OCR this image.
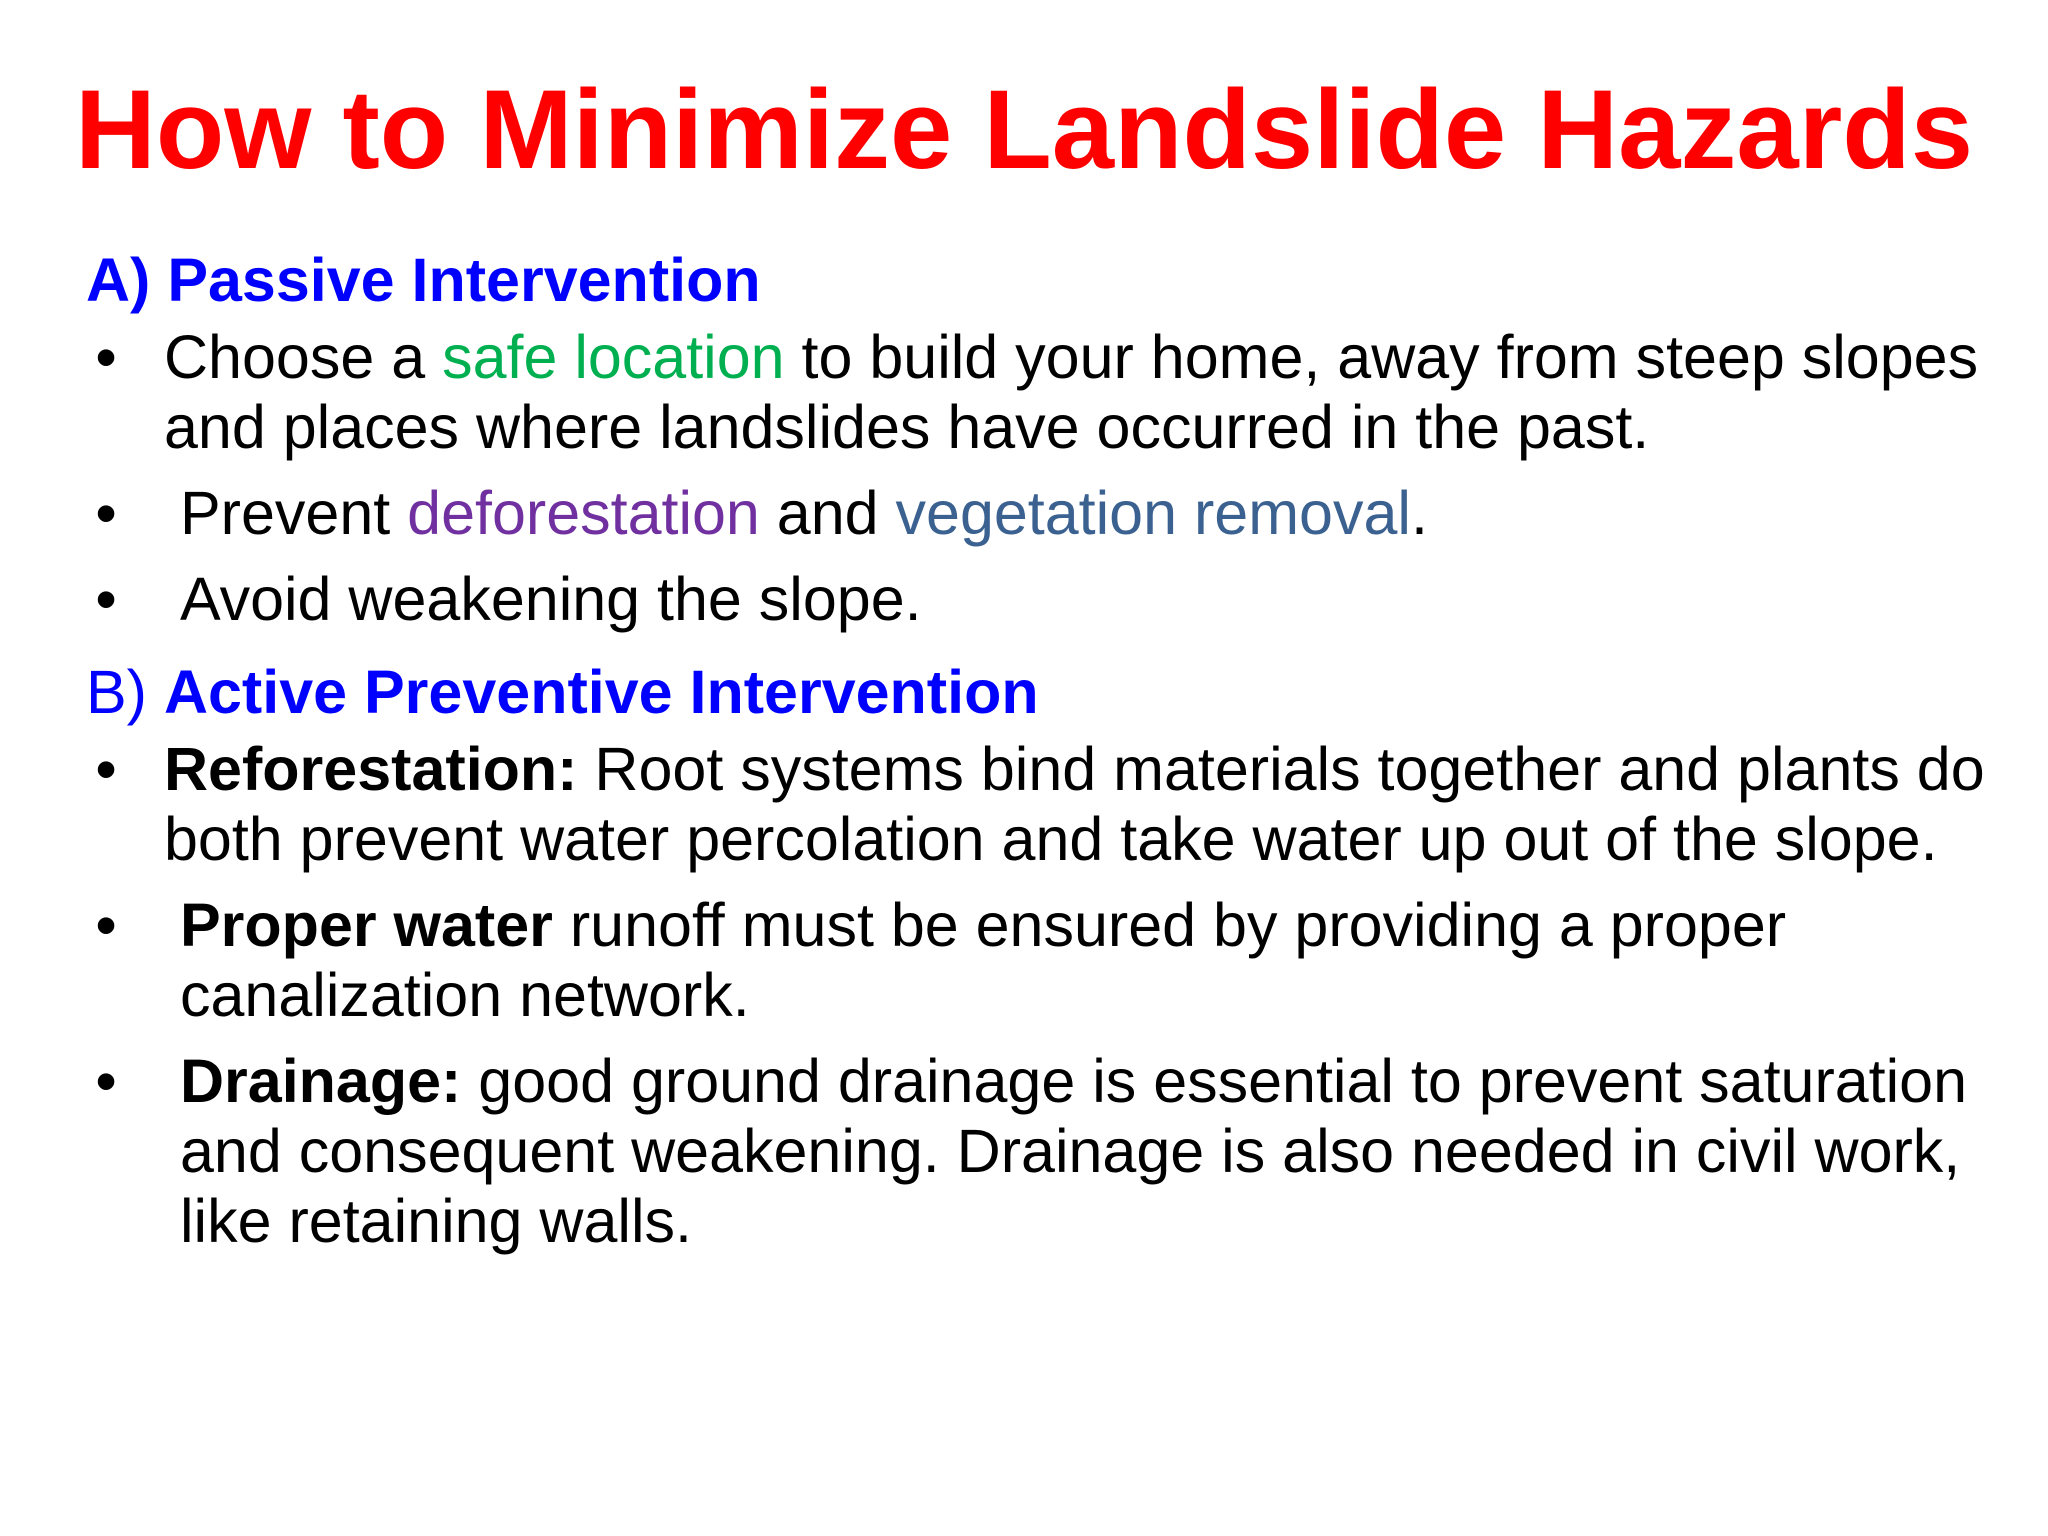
How to Minimize Landslide Hazards
A) Passive Intervention
• Choose a safe location to build your home, away from steep slopes and places where landslides have occurred in the past.
• Prevent deforestation and vegetation removal.
• Avoid weakening the slope.
B) Active Preventive Intervention
• Reforestation: Root systems bind materials together and plants do both prevent water percolation and take water up out of the slope.
• Proper water runoff must be ensured by providing a proper canalization network.
• Drainage: good ground drainage is essential to prevent saturation and consequent weakening. Drainage is also needed in civil work, like retaining walls.
